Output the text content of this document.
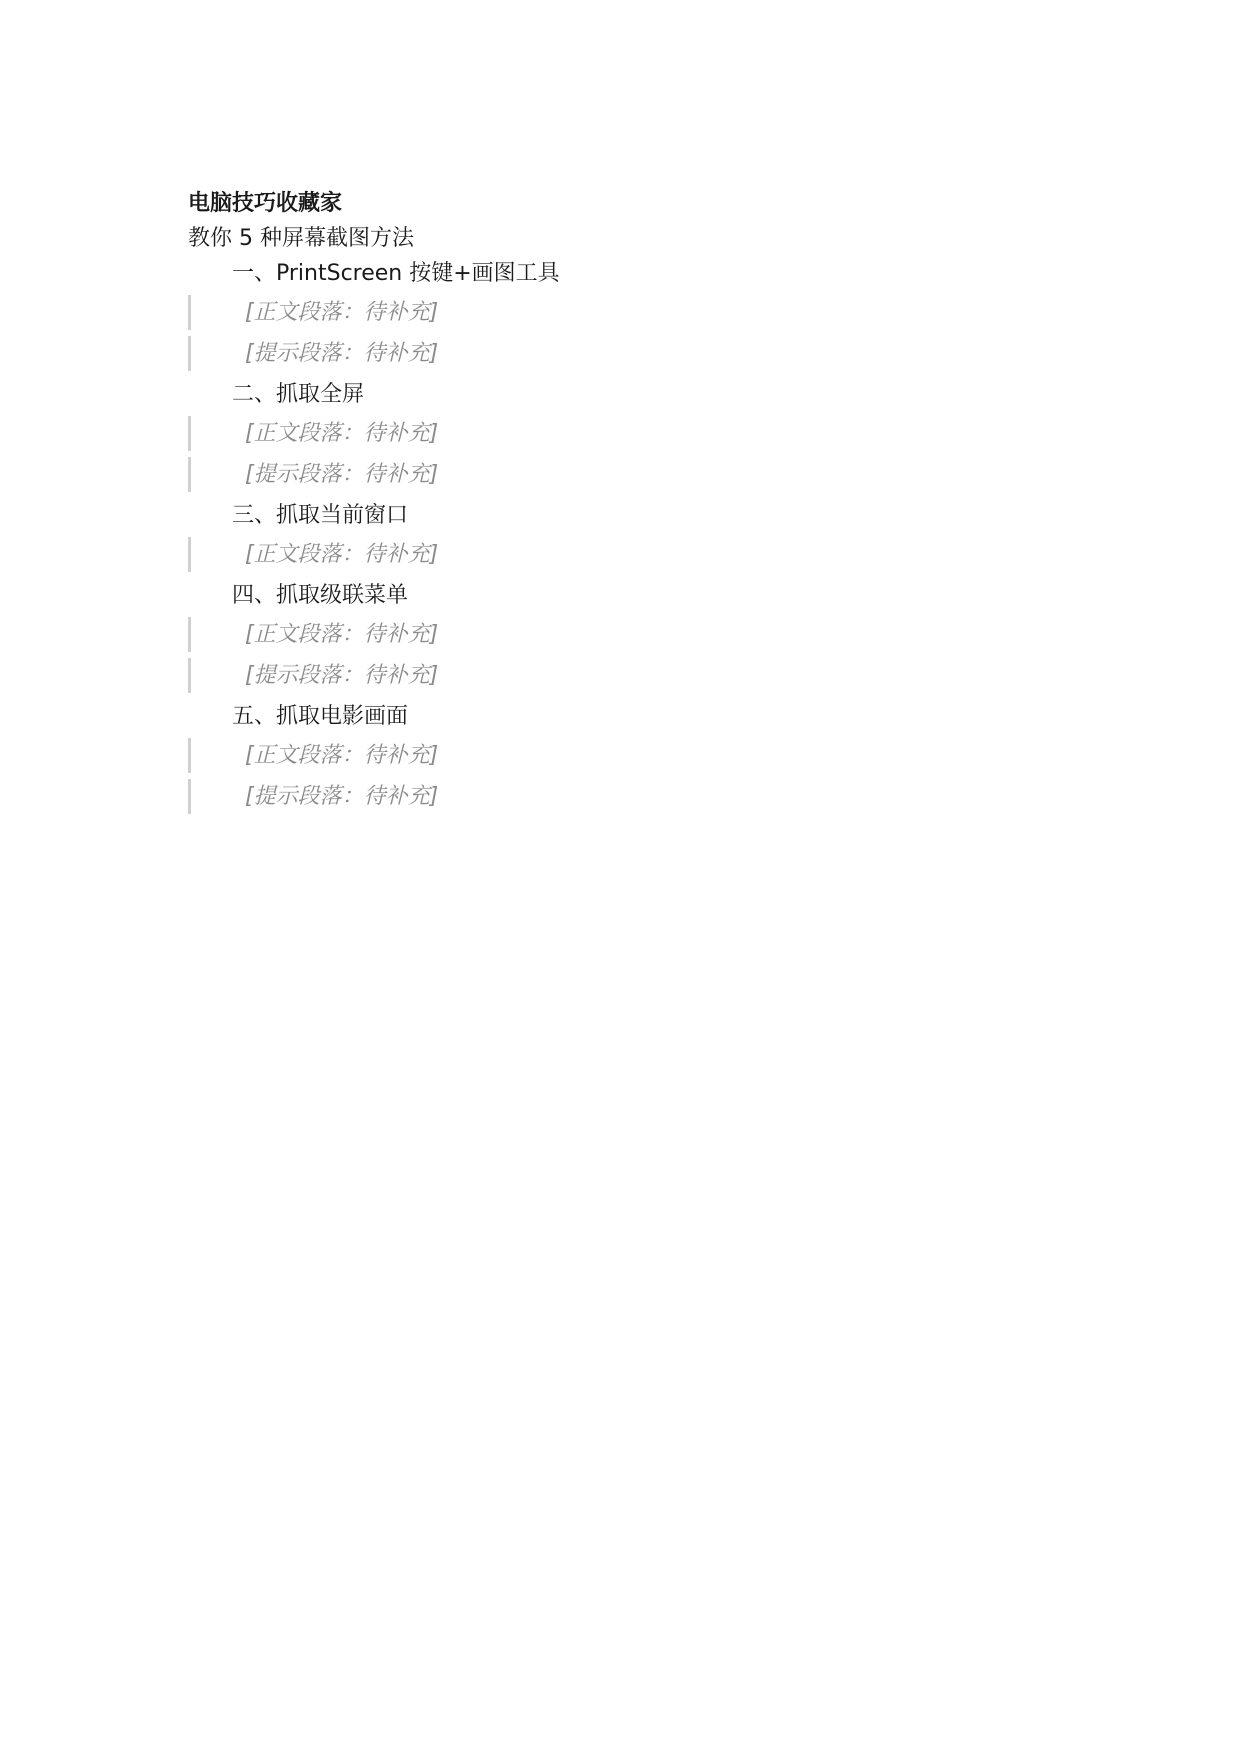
电脑技巧收藏家
教你 5 种屏幕截图方法
一、PrintScreen 按键+画图工具

[正文段落：待补充]

[提示段落：待补充]

二、抓取全屏

[正文段落：待补充]

[提示段落：待补充]

三、抓取当前窗口

[正文段落：待补充]

四、抓取级联菜单

[正文段落：待补充]

[提示段落：待补充]

五、抓取电影画面

[正文段落：待补充]

[提示段落：待补充]
